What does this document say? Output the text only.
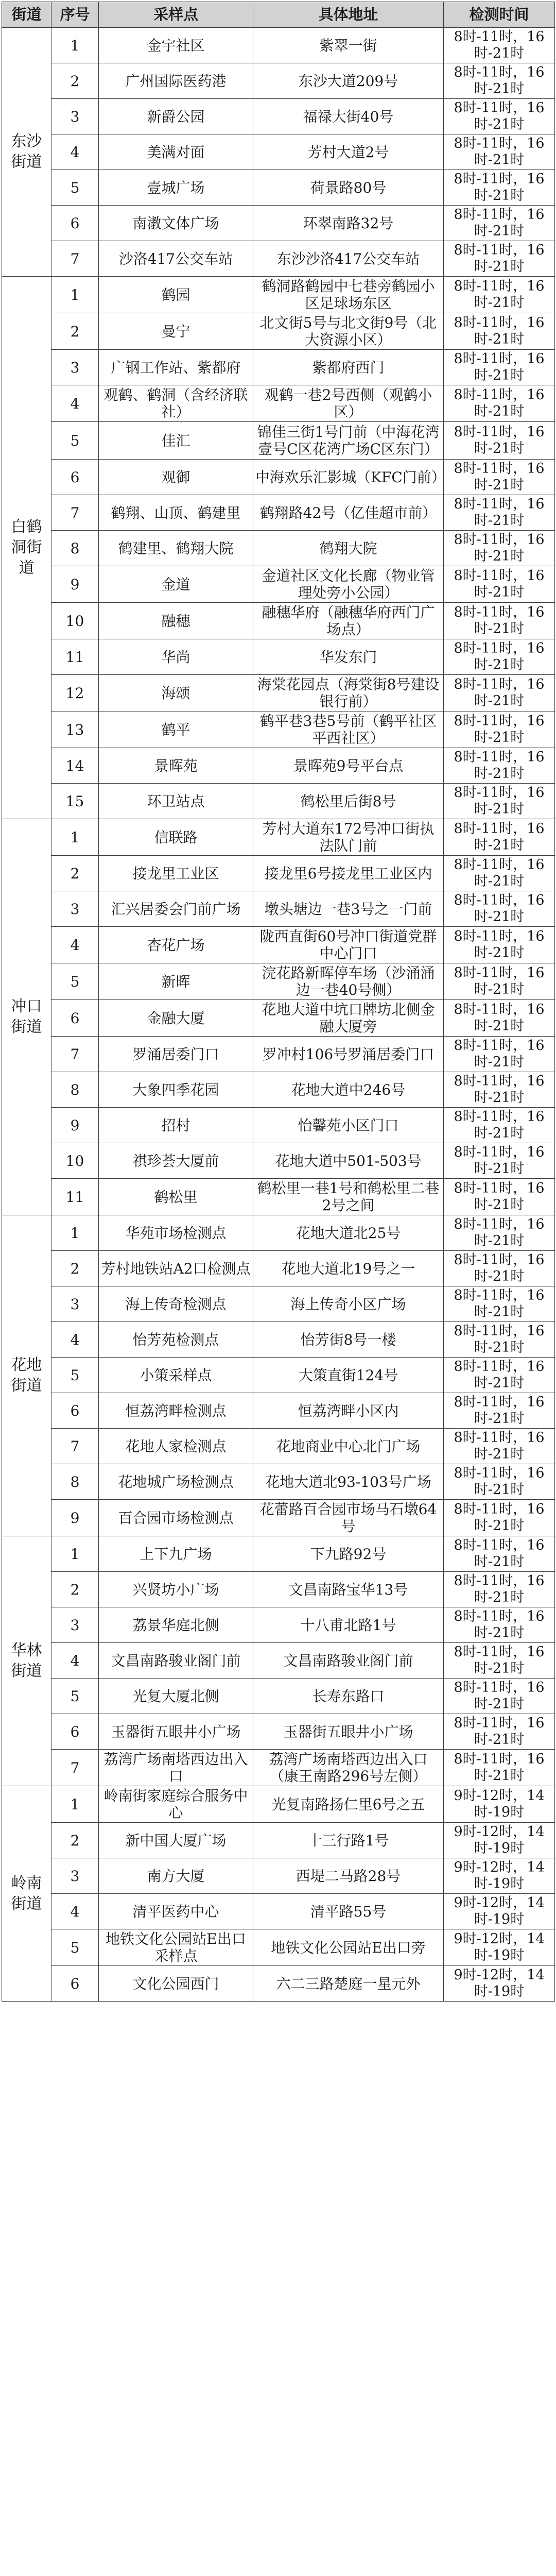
街道	序号	采样点	具体地址	检测时间
东沙街道	1	金宇社区	紫翠一街	8时-11时，16时-21时
	2	广州国际医药港	东沙大道209号	8时-11时，16时-21时
	3	新爵公园	福禄大街40号	8时-11时，16时-21时
	4	美满对面	芳村大道2号	8时-11时，16时-21时
	5	壹城广场	荷景路80号	8时-11时，16时-21时
	6	南漖文体广场	环翠南路32号	8时-11时，16时-21时
	7	沙洛417公交车站	东沙沙洛417公交车站	8时-11时，16时-21时
白鹤洞街道	1	鹤园	鹤洞路鹤园中七巷旁鹤园小区足球场东区	8时-11时，16时-21时
	2	曼宁	北文街5号与北文街9号（北大资源小区）	8时-11时，16时-21时
	3	广钢工作站、紫都府	紫都府西门	8时-11时，16时-21时
	4	观鹤、鹤洞（含经济联社）	观鹤一巷2号西侧（观鹤小区）	8时-11时，16时-21时
	5	佳汇	锦佳三街1号门前（中海花湾壹号C区花湾广场C区东门）	8时-11时，16时-21时
	6	观御	中海欢乐汇影城（KFC门前）	8时-11时，16时-21时
	7	鹤翔、山顶、鹤建里	鹤翔路42号（亿佳超市前）	8时-11时，16时-21时
	8	鹤建里、鹤翔大院	鹤翔大院	8时-11时，16时-21时
	9	金道	金道社区文化长廊（物业管理处旁小公园）	8时-11时，16时-21时
	10	融穗	融穗华府（融穗华府西门广场点）	8时-11时，16时-21时
	11	华尚	华发东门	8时-11时，16时-21时
	12	海颂	海棠花园点（海棠街8号建设银行前）	8时-11时，16时-21时
	13	鹤平	鹤平巷3巷5号前（鹤平社区平西社区）	8时-11时，16时-21时
	14	景晖苑	景晖苑9号平台点	8时-11时，16时-21时
	15	环卫站点	鹤松里后街8号	8时-11时，16时-21时
冲口街道	1	信联路	芳村大道东172号冲口街执法队门前	8时-11时，16时-21时
	2	接龙里工业区	接龙里6号接龙里工业区内	8时-11时，16时-21时
	3	汇兴居委会门前广场	墩头塘边一巷3号之一门前	8时-11时，16时-21时
	4	杏花广场	陇西直街60号冲口街道党群中心门口	8时-11时，16时-21时
	5	新晖	浣花路新晖停车场（沙涌涌边一巷40号侧）	8时-11时，16时-21时
	6	金融大厦	花地大道中坑口牌坊北侧金融大厦旁	8时-11时，16时-21时
	7	罗涌居委门口	罗冲村106号罗涌居委门口	8时-11时，16时-21时
	8	大象四季花园	花地大道中246号	8时-11时，16时-21时
	9	招村	怡馨苑小区门口	8时-11时，16时-21时
	10	祺珍荟大厦前	花地大道中501-503号	8时-11时，16时-21时
	11	鹤松里	鹤松里一巷1号和鹤松里二巷2号之间	8时-11时，16时-21时
花地街道	1	华苑市场检测点	花地大道北25号	8时-11时，16时-21时
	2	芳村地铁站A2口检测点	花地大道北19号之一	8时-11时，16时-21时
	3	海上传奇检测点	海上传奇小区广场	8时-11时，16时-21时
	4	怡芳苑检测点	怡芳街8号一楼	8时-11时，16时-21时
	5	小策采样点	大策直街124号	8时-11时，16时-21时
	6	恒荔湾畔检测点	恒荔湾畔小区内	8时-11时，16时-21时
	7	花地人家检测点	花地商业中心北门广场	8时-11时，16时-21时
	8	花地城广场检测点	花地大道北93-103号广场	8时-11时，16时-21时
	9	百合园市场检测点	花蕾路百合园市场马石墩64号	8时-11时，16时-21时
华林街道	1	上下九广场	下九路92号	8时-11时，16时-21时
	2	兴贤坊小广场	文昌南路宝华13号	8时-11时，16时-21时
	3	荔景华庭北侧	十八甫北路1号	8时-11时，16时-21时
	4	文昌南路骏业阁门前	文昌南路骏业阁门前	8时-11时，16时-21时
	5	光复大厦北侧	长寿东路口	8时-11时，16时-21时
	6	玉器街五眼井小广场	玉器街五眼井小广场	8时-11时，16时-21时
	7	荔湾广场南塔西边出入口	荔湾广场南塔西边出入口（康王南路296号左侧）	8时-11时，16时-21时
岭南街道	1	岭南街家庭综合服务中心	光复南路扬仁里6号之五	9时-12时，14时-19时
	2	新中国大厦广场	十三行路1号	9时-12时，14时-19时
	3	南方大厦	西堤二马路28号	9时-12时，14时-19时
	4	清平医药中心	清平路55号	9时-12时，14时-19时
	5	地铁文化公园站E出口采样点	地铁文化公园站E出口旁	9时-12时，14时-19时
	6	文化公园西门	六二三路楚庭一星元外	9时-12时，14时-19时
